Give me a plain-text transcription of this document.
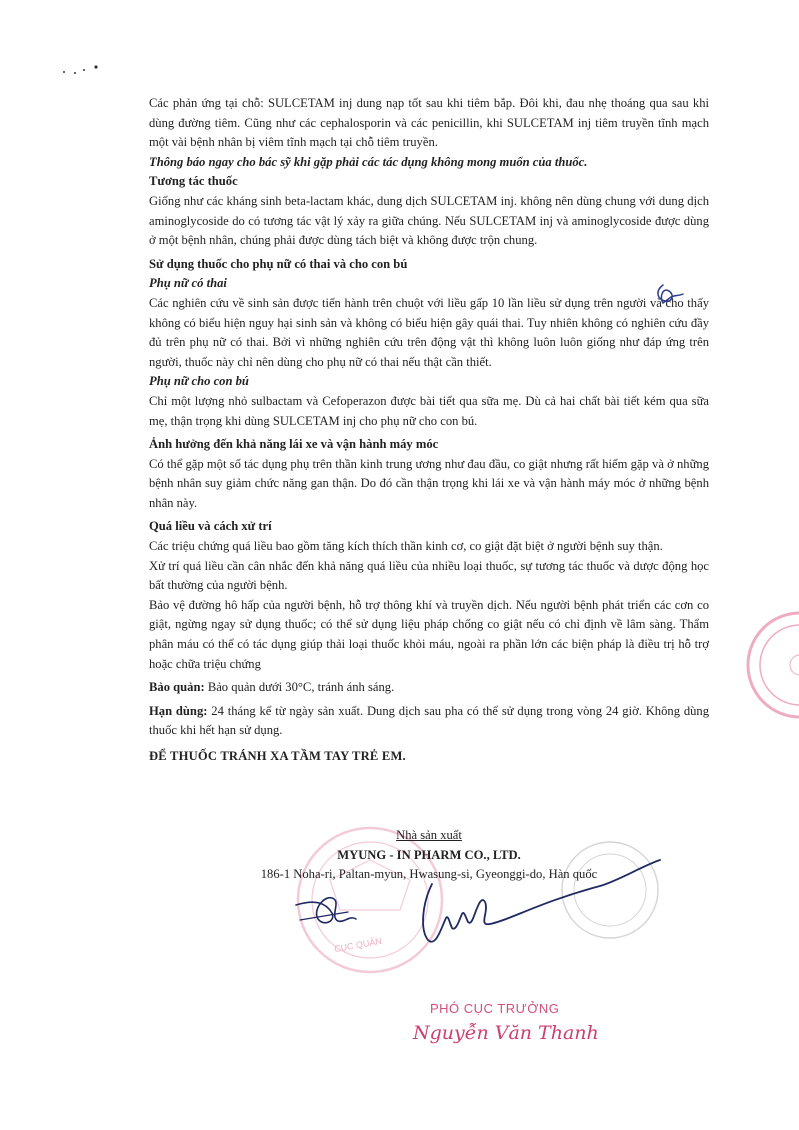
Các phản ứng tại chỗ: SULCETAM inj dung nạp tốt sau khi tiêm bắp. Đôi khi, đau nhẹ thoáng qua sau khi dùng đường tiêm. Cũng như các cephalosporin và các penicillin, khi SULCETAM inj tiêm truyền tĩnh mạch một vài bệnh nhân bị viêm tĩnh mạch tại chỗ tiêm truyền.

Thông báo ngay cho bác sỹ khi gặp phải các tác dụng không mong muốn của thuốc.

Tương tác thuốc

Giống như các kháng sinh beta-lactam khác, dung dịch SULCETAM inj. không nên dùng chung với dung dịch aminoglycoside do có tương tác vật lý xảy ra giữa chúng. Nếu SULCETAM inj và aminoglycoside được dùng ở một bệnh nhân, chúng phải được dùng tách biệt và không được trộn chung.

Sử dụng thuốc cho phụ nữ có thai và cho con bú

Phụ nữ có thai

Các nghiên cứu về sinh sản được tiến hành trên chuột với liều gấp 10 lần liều sử dụng trên người và cho thấy không có biểu hiện nguy hại sinh sản và không có biểu hiện gây quái thai. Tuy nhiên không có nghiên cứu đầy đủ trên phụ nữ có thai. Bởi vì những nghiên cứu trên động vật thì không luôn luôn giống như đáp ứng trên người, thuốc này chỉ nên dùng cho phụ nữ có thai nếu thật cần thiết.

Phụ nữ cho con bú

Chỉ một lượng nhỏ sulbactam và Cefoperazon được bài tiết qua sữa mẹ. Dù cả hai chất bài tiết kém qua sữa mẹ, thận trọng khi dùng SULCETAM inj cho phụ nữ cho con bú.

Ảnh hưởng đến khả năng lái xe và vận hành máy móc

Có thể gặp một số tác dụng phụ trên thần kinh trung ương như đau đầu, co giật nhưng rất hiếm gặp và ở những bệnh nhân suy giảm chức năng gan thận. Do đó cần thận trọng khi lái xe và vận hành máy móc ở những bệnh nhân này.

Quá liều và cách xử trí

Các triệu chứng quá liều bao gồm tăng kích thích thần kinh cơ, co giật đặt biệt ở người bệnh suy thận.

Xử trí quá liều cần cân nhắc đến khả năng quá liều của nhiều loại thuốc, sự tương tác thuốc và dược động học bất thường của người bệnh.

Bảo vệ đường hô hấp của người bệnh, hỗ trợ thông khí và truyền dịch. Nếu người bệnh phát triển các cơn co giật, ngừng ngay sử dụng thuốc; có thể sử dụng liệu pháp chống co giật nếu có chỉ định về lâm sàng. Thẩm phân máu có thể có tác dụng giúp thải loại thuốc khỏi máu, ngoài ra phần lớn các biện pháp là điều trị hỗ trợ hoặc chữa triệu chứng

Bảo quản: Bảo quản dưới 30°C, tránh ánh sáng.

Hạn dùng: 24 tháng kể từ ngày sản xuất. Dung dịch sau pha có thể sử dụng trong vòng 24 giờ. Không dùng thuốc khi hết hạn sử dụng.

ĐỂ THUỐC TRÁNH XA TẦM TAY TRẺ EM.

Nhà sản xuất
MYUNG - IN PHARM CO., LTD.
186-1 Noha-ri, Paltan-myun, Hwasung-si, Gyeonggi-do, Hàn quốc
CỤC QUẢN
PHÓ CỤC TRƯỞNG
Nguyễn Văn Thanh
